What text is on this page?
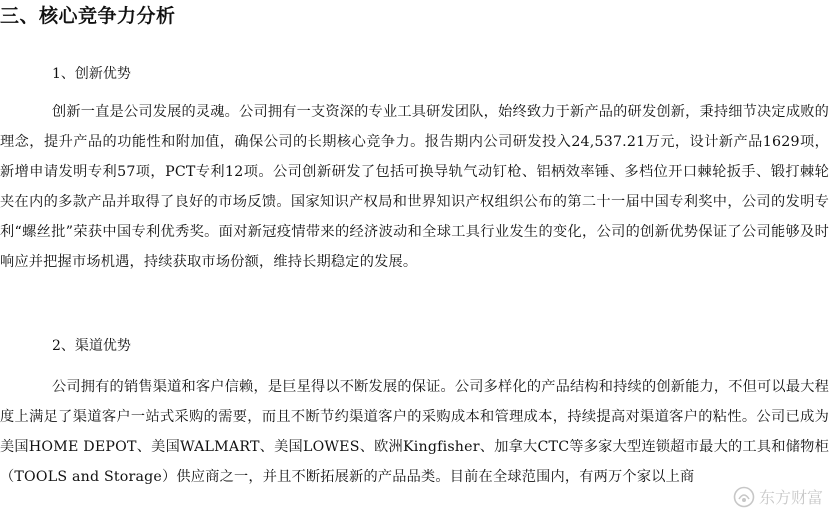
三、核心竞争力分析

1、创新优势

创新一直是公司发展的灵魂。公司拥有一支资深的专业工具研发团队，始终致力于新产品的研发创新，秉持细节决定成败的理念，提升产品的功能性和附加值，确保公司的长期核心竞争力。报告期内公司研发投入24,537.21万元，设计新产品1629项，新增申请发明专利57项，PCT专利12项。公司创新研发了包括可换导轨气动钉枪、铝柄效率锤、多档位开口棘轮扳手、锻打棘轮夹在内的多款产品并取得了良好的市场反馈。国家知识产权局和世界知识产权组织公布的第二十一届中国专利奖中，公司的发明专利“螺丝批”荣获中国专利优秀奖。面对新冠疫情带来的经济波动和全球工具行业发生的变化，公司的创新优势保证了公司能够及时响应并把握市场机遇，持续获取市场份额，维持长期稳定的发展。

2、渠道优势

公司拥有的销售渠道和客户信赖，是巨星得以不断发展的保证。公司多样化的产品结构和持续的创新能力，不但可以最大程度上满足了渠道客户一站式采购的需要，而且不断节约渠道客户的采购成本和管理成本，持续提高对渠道客户的粘性。公司已成为美国HOME DEPOT、美国WALMART、美国LOWES、欧洲Kingfisher、加拿大CTC等多家大型连锁超市最大的工具和储物柜（TOOLS and Storage）供应商之一，并且不断拓展新的产品品类。目前在全球范围内，有两万个家以上商

东方财富
